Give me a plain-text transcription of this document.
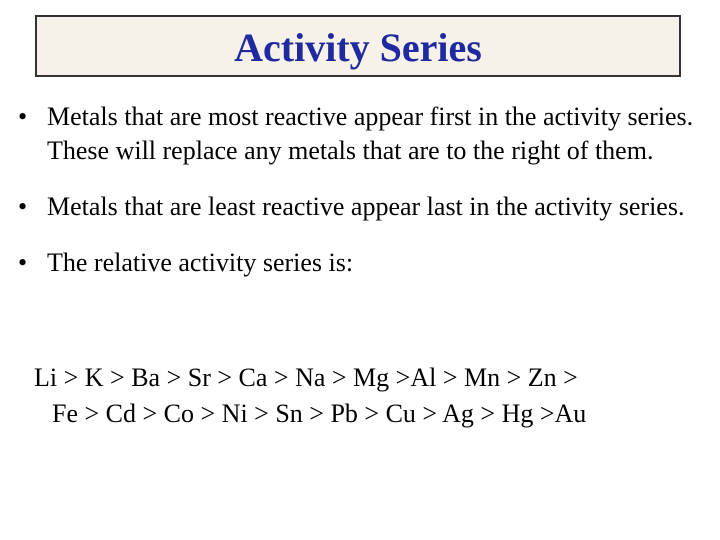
Activity Series
• Metals that are most reactive appear first in the activity series. These will replace any metals that are to the right of them.
• Metals that are least reactive appear last in the activity series.
• The relative activity series is:
Li > K > Ba > Sr > Ca > Na > Mg >Al > Mn > Zn >
Fe > Cd > Co > Ni > Sn > Pb > Cu > Ag > Hg >Au
